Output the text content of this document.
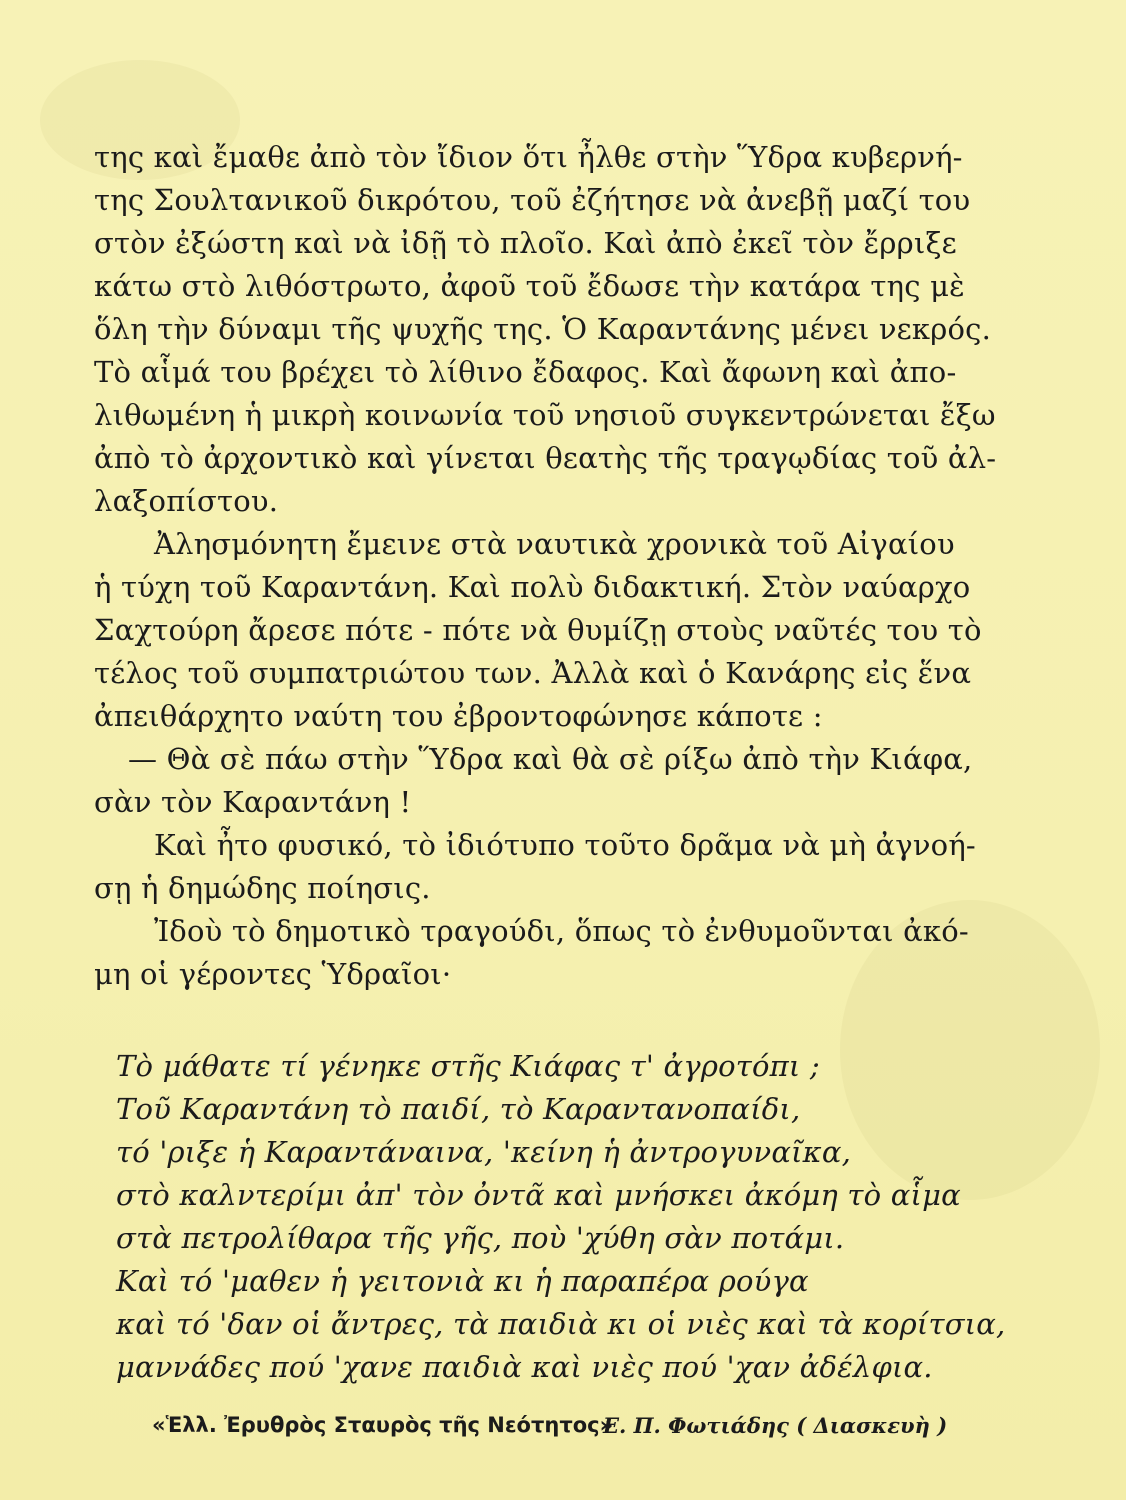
της καὶ ἔμαθε ἀπὸ τὸν ἴδιον ὅτι ἦλθε στὴν Ὕδρα κυβερνή-
της Σουλτανικοῦ δικρότου, τοῦ ἐζήτησε νὰ ἀνεβῇ μαζί του
στὸν ἐξώστη καὶ νὰ ἰδῇ τὸ πλοῖο. Καὶ ἀπὸ ἐκεῖ τὸν ἔρριξε
κάτω στὸ λιθόστρωτο, ἀφοῦ τοῦ ἔδωσε τὴν κατάρα της μὲ
ὅλη τὴν δύναμι τῆς ψυχῆς της. Ὁ Καραντάνης μένει νεκρός.
Τὸ αἷμά του βρέχει τὸ λίθινο ἔδαφος. Καὶ ἄφωνη καὶ ἀπο-
λιθωμένη ἡ μικρὴ κοινωνία τοῦ νησιοῦ συγκεντρώνεται ἔξω
ἀπὸ τὸ ἀρχοντικὸ καὶ γίνεται θεατὴς τῆς τραγῳδίας τοῦ ἀλ-
λαξοπίστου.
Ἀλησμόνητη ἔμεινε στὰ ναυτικὰ χρονικὰ τοῦ Αἰγαίου
ἡ τύχη τοῦ Καραντάνη. Καὶ πολὺ διδακτική. Στὸν ναύαρχο
Σαχτούρη ἄρεσε πότε - πότε νὰ θυμίζῃ στοὺς ναῦτές του τὸ
τέλος τοῦ συμπατριώτου των. Ἀλλὰ καὶ ὁ Κανάρης εἰς ἕνα
ἀπειθάρχητο ναύτη του ἐβροντοφώνησε κάποτε :
— Θὰ σὲ πάω στὴν Ὕδρα καὶ θὰ σὲ ρίξω ἀπὸ τὴν Κιάφα,
σὰν τὸν Καραντάνη !
Καὶ ἦτο φυσικό, τὸ ἰδιότυπο τοῦτο δρᾶμα νὰ μὴ ἀγνοή-
σῃ ἡ δημώδης ποίησις.
Ἰδοὺ τὸ δημοτικὸ τραγούδι, ὅπως τὸ ἐνθυμοῦνται ἀκό-
μη οἱ γέροντες Ὑδραῖοι·
Τὸ μάθατε τί γένηκε στῆς Κιάφας τ' ἀγροτόπι ;
Τοῦ Καραντάνη τὸ παιδί, τὸ Καραντανοπαίδι,
τό 'ριξε ἡ Καραντάναινα, 'κείνη ἡ ἀντρογυναῖκα,
στὸ καλντερίμι ἀπ' τὸν ὀντᾶ καὶ μνήσκει ἀκόμη τὸ αἷμα
στὰ πετρολίθαρα τῆς γῆς, ποὺ 'χύθη σὰν ποτάμι.
Καὶ τό 'μαθεν ἡ γειτονιὰ κι ἡ παραπέρα ρούγα
καὶ τό 'δαν οἱ ἄντρες, τὰ παιδιὰ κι οἱ νιὲς καὶ τὰ κορίτσια,
μαννάδες πού 'χανε παιδιὰ καὶ νιὲς πού 'χαν ἀδέλφια.
«Ἑλλ. Ἐρυθρὸς Σταυρὸς τῆς Νεότητος»
Ε. Π. Φωτιάδης ( Διασκευὴ )
